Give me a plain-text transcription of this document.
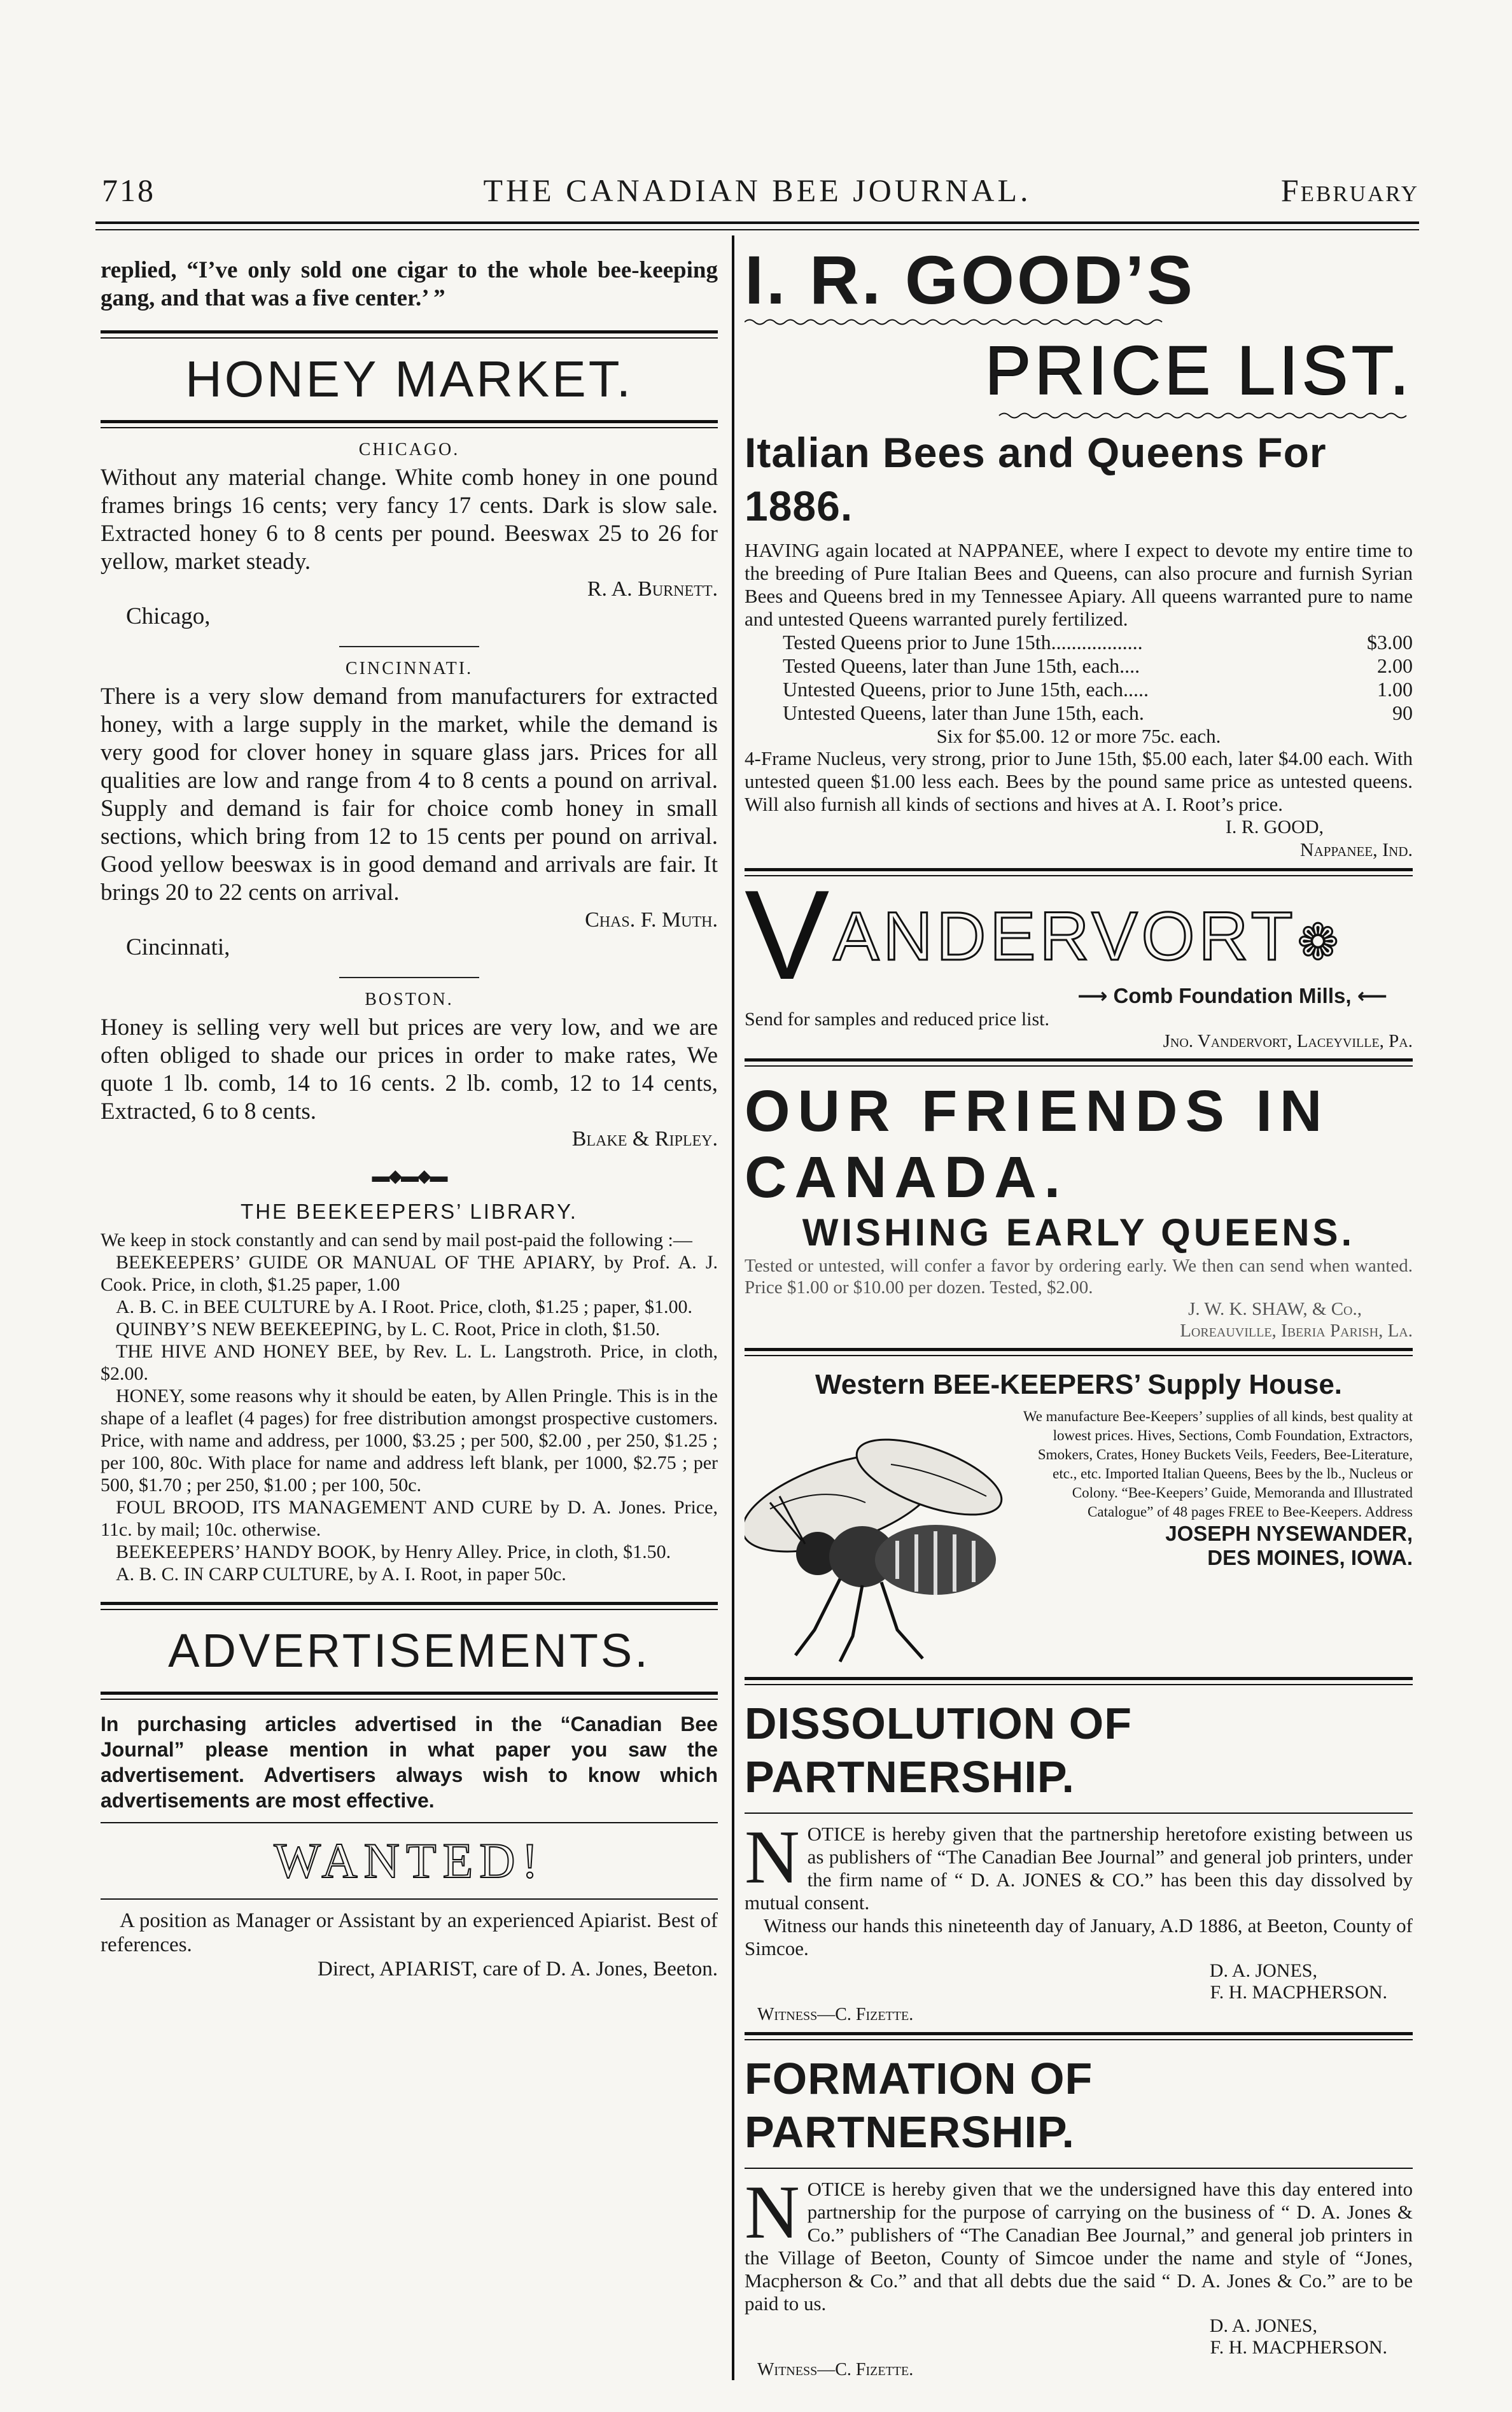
718	THE CANADIAN BEE JOURNAL.	February

replied, “I’ve only sold one cigar to the whole bee-keeping gang, and that was a five center.’ ”

HONEY MARKET.
CHICAGO.

Without any material change. White comb honey in one pound frames brings 16 cents; very fancy 17 cents. Dark is slow sale. Extracted honey 6 to 8 cents per pound. Beeswax 25 to 26 for yellow, market steady.

R. A. Burnett.

Chicago,

CINCINNATI.

There is a very slow demand from manufacturers for extracted honey, with a large supply in the market, while the demand is very good for clover honey in square glass jars. Prices for all qualities are low and range from 4 to 8 cents a pound on arrival. Supply and demand is fair for choice comb honey in small sections, which bring from 12 to 15 cents per pound on arrival. Good yellow beeswax is in good demand and arrivals are fair. It brings 20 to 22 cents on arrival.

Chas. F. Muth.

Cincinnati,

BOSTON.

Honey is selling very well but prices are very low, and we are often obliged to shade our prices in order to make rates, We quote 1 lb. comb, 14 to 16 cents. 2 lb. comb, 12 to 14 cents, Extracted, 6 to 8 cents.

Blake & Ripley.

▬◆▬◆▬
THE BEEKEEPERS’ LIBRARY.

We keep in stock constantly and can send by mail post-paid the following :—

BEEKEEPERS’ GUIDE OR MANUAL OF THE APIARY, by Prof. A. J. Cook. Price, in cloth, $1.25 paper, 1.00

A. B. C. in BEE CULTURE by A. I Root. Price, cloth, $1.25 ; paper, $1.00.

QUINBY’S NEW BEEKEEPING, by L. C. Root, Price in cloth, $1.50.

THE HIVE AND HONEY BEE, by Rev. L. L. Langstroth. Price, in cloth, $2.00.

HONEY, some reasons why it should be eaten, by Allen Pringle. This is in the shape of a leaflet (4 pages) for free distribution amongst prospective customers. Price, with name and address, per 1000, $3.25 ; per 500, $2.00 , per 250, $1.25 ; per 100, 80c. With place for name and address left blank, per 1000, $2.75 ; per 500, $1.70 ; per 250, $1.00 ; per 100, 50c.

FOUL BROOD, ITS MANAGEMENT AND CURE by D. A. Jones. Price, 11c. by mail; 10c. otherwise.

BEEKEEPERS’ HANDY BOOK, by Henry Alley. Price, in cloth, $1.50.

A. B. C. IN CARP CULTURE, by A. I. Root, in paper 50c.

ADVERTISEMENTS.

In purchasing articles advertised in the “Canadian Bee Journal” please mention in what paper you saw the advertisement. Advertisers always wish to know which advertisements are most effective.

WANTED!

A position as Manager or Assistant by an experienced Apiarist. Best of references.

Direct, APIARIST, care of D. A. Jones, Beeton.

I. R. GOOD’S
PRICE LIST.
Italian Bees and Queens For 1886.

HAVING again located at NAPPANEE, where I expect to devote my entire time to the breeding of Pure Italian Bees and Queens, can also procure and furnish Syrian Bees and Queens bred in my Tennessee Apiary. All queens warranted pure to name and untested Queens warranted purely fertilized.

Tested Queens prior to June 15th..................	$3.00
Tested Queens, later than June 15th, each....	2.00
Untested Queens, prior to June 15th, each.....	1.00
Untested Queens, later than June 15th, each.	90

Six for $5.00. 12 or more 75c. each.

4-Frame Nucleus, very strong, prior to June 15th, $5.00 each, later $4.00 each. With untested queen $1.00 less each. Bees by the pound same price as untested queens. Will also furnish all kinds of sections and hives at A. I. Root’s price.

I. R. GOOD,

Nappanee, Ind.

VANDERVORT❁
⟶ Comb Foundation Mills, ⟵

Send for samples and reduced price list.

Jno. Vandervort, Laceyville, Pa.

OUR FRIENDS IN CANADA.
WISHING EARLY QUEENS.

Tested or untested, will confer a favor by ordering early. We then can send when wanted. Price $1.00 or $10.00 per dozen. Tested, $2.00.

J. W. K. SHAW, & Co.,

Loreauville, Iberia Parish, La.

Western BEE-KEEPERS’ Supply House.

We manufacture Bee-Keepers’ supplies of all kinds, best quality at lowest prices. Hives, Sections, Comb Foundation, Extractors, Smokers, Crates, Honey Buckets Veils, Feeders, Bee-Literature, etc., etc. Imported Italian Queens, Bees by the lb., Nucleus or Colony. “Bee-Keepers’ Guide, Memoranda and Illustrated Catalogue” of 48 pages FREE to Bee-Keepers. Address

JOSEPH NYSEWANDER,

DES MOINES, IOWA.

DISSOLUTION OF PARTNERSHIP.
N OTICE is hereby given that the partnership heretofore existing between us as publishers of “The Canadian Bee Journal” and general job printers, under the firm name of “ D. A. JONES & CO.” has been this day dissolved by mutual consent.

Witness our hands this nineteenth day of January, A.D 1886, at Beeton, County of Simcoe.

D. A. JONES,

F. H. MACPHERSON.

Witness—C. Fizette.

FORMATION OF PARTNERSHIP.
N OTICE is hereby given that we the undersigned have this day entered into partnership for the purpose of carrying on the business of “ D. A. Jones & Co.” publishers of “The Canadian Bee Journal,” and general job printers in the Village of Beeton, County of Simcoe under the name and style of “Jones, Macpherson & Co.” and that all debts due the said “ D. A. Jones & Co.” are to be paid to us.

D. A. JONES,

F. H. MACPHERSON.

Witness—C. Fizette.
